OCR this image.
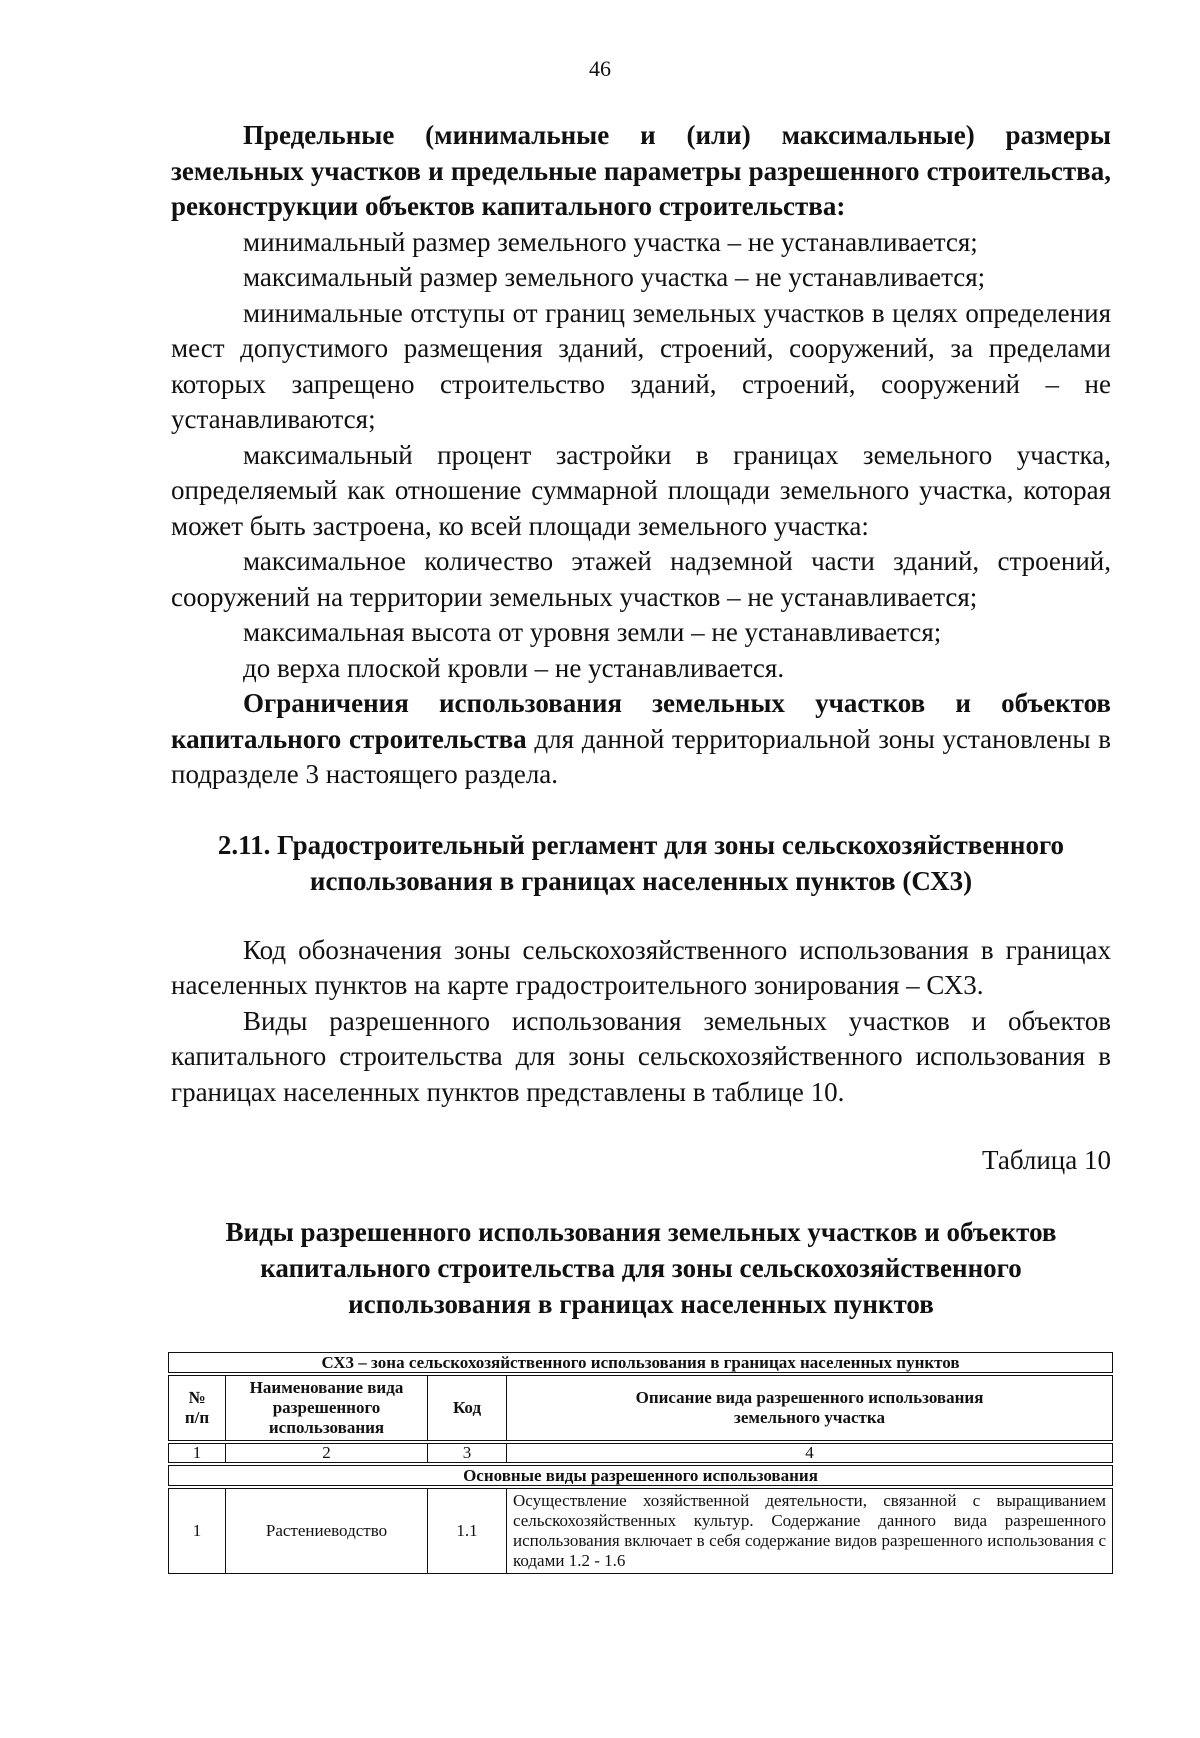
46

Предельные (минимальные и (или) максимальные) размеры земельных участков и предельные параметры разрешенного строительства, реконструкции объектов капитального строительства:

минимальный размер земельного участка – не устанавливается;

максимальный размер земельного участка – не устанавливается;

минимальные отступы от границ земельных участков в целях определения мест допустимого размещения зданий, строений, сооружений, за пределами которых запрещено строительство зданий, строений, сооружений – не устанавливаются;

максимальный процент застройки в границах земельного участка, определяемый как отношение суммарной площади земельного участка, которая может быть застроена, ко всей площади земельного участка:

максимальное количество этажей надземной части зданий, строений, сооружений на территории земельных участков – не устанавливается;

максимальная высота от уровня земли – не устанавливается;

до верха плоской кровли – не устанавливается.

Ограничения использования земельных участков и объектов капитального строительства для данной территориальной зоны установлены в подразделе 3 настоящего раздела.

2.11. Градостроительный регламент для зоны сельскохозяйственного использования в границах населенных пунктов (СХ3)

Код обозначения зоны сельскохозяйственного использования в границах населенных пунктов на карте градостроительного зонирования – СХ3.

Виды разрешенного использования земельных участков и объектов капитального строительства для зоны сельскохозяйственного использования в границах населенных пунктов представлены в таблице 10.

Таблица 10

Виды разрешенного использования земельных участков и объектов капитального строительства для зоны сельскохозяйственного использования в границах населенных пунктов

СХ3 – зона сельскохозяйственного использования в границах населенных пунктов			
№ п/п	Наименование вида разрешенного использования	Код	Описание вида разрешенного использования земельного участка
1	2	3	4
Основные виды разрешенного использования			
1	Растениеводство	1.1	Осуществление хозяйственной деятельности, связанной с выращиванием сельскохозяйственных культур. Содержание данного вида разрешенного использования включает в себя содержание видов разрешенного использования с кодами 1.2 - 1.6
